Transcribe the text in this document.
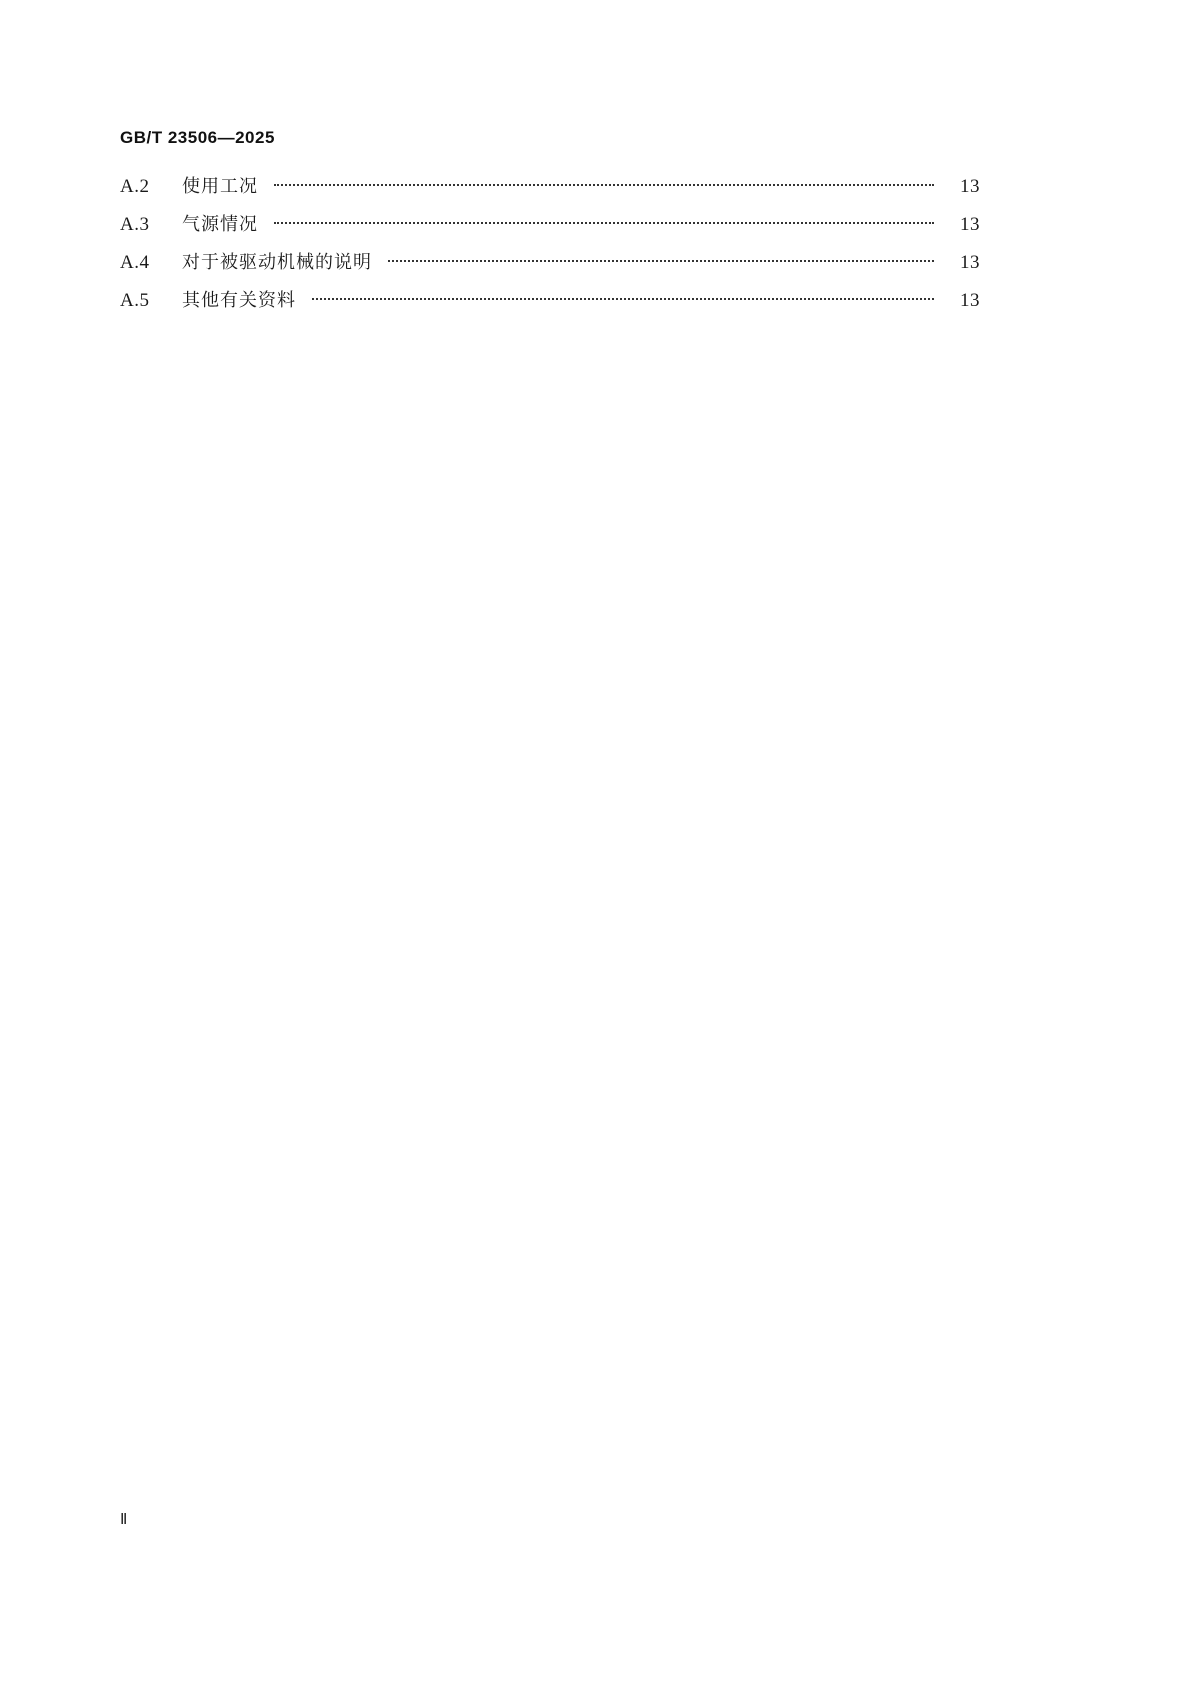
GB/T 23506—2025
A.2	使用工况	13
A.3	气源情况	13
A.4	对于被驱动机械的说明	13
A.5	其他有关资料	13
Ⅱ
